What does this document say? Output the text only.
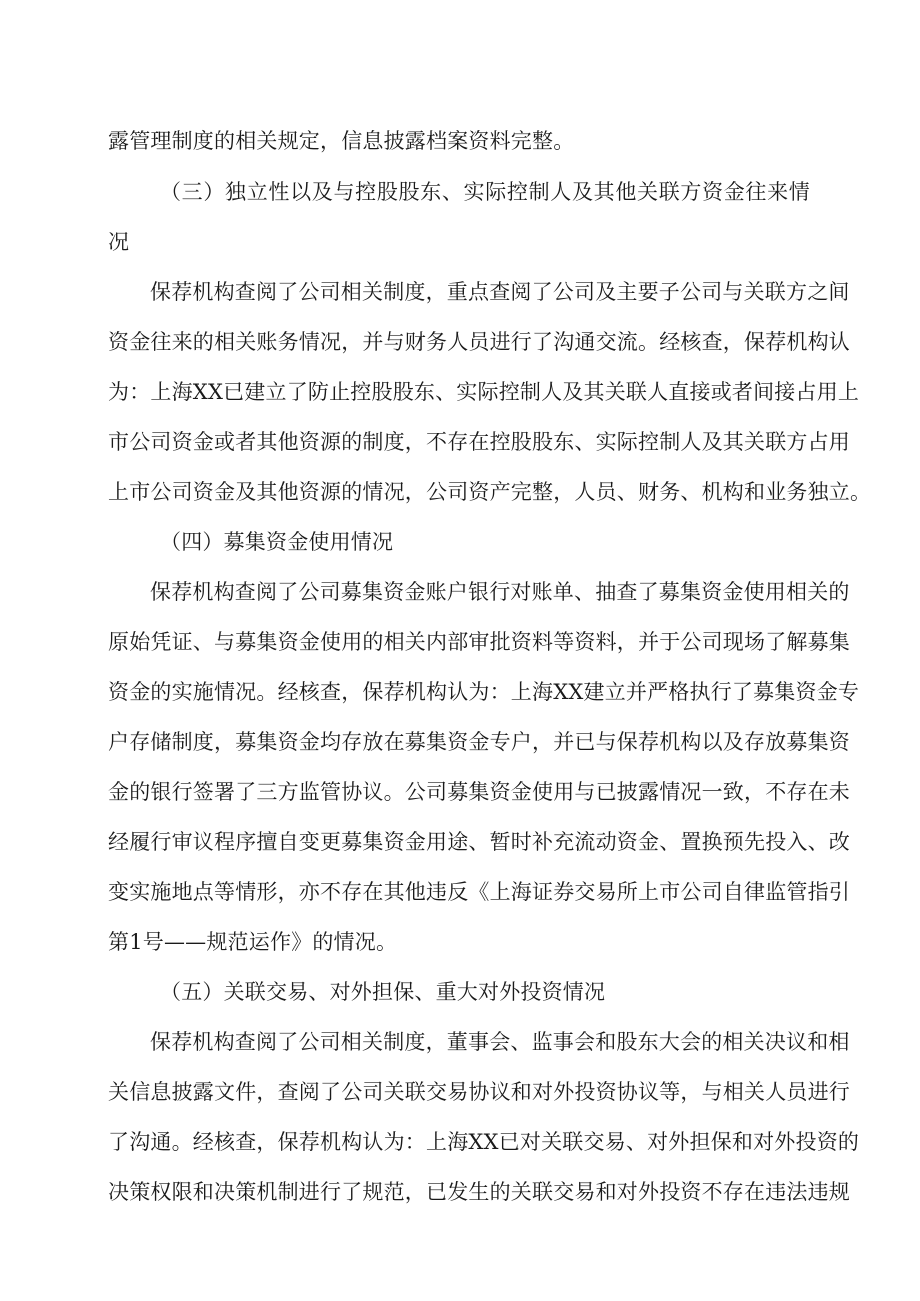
露管理制度的相关规定，信息披露档案资料完整。
（三）独立性以及与控股股东、实际控制人及其他关联方资金往来情
况
保荐机构查阅了公司相关制度，重点查阅了公司及主要子公司与关联方之间
资金往来的相关账务情况，并与财务人员进行了沟通交流。经核查，保荐机构认
为：上海XX已建立了防止控股股东、实际控制人及其关联人直接或者间接占用上
市公司资金或者其他资源的制度，不存在控股股东、实际控制人及其关联方占用
上市公司资金及其他资源的情况，公司资产完整，人员、财务、机构和业务独立。
（四）募集资金使用情况
保荐机构查阅了公司募集资金账户银行对账单、抽查了募集资金使用相关的
原始凭证、与募集资金使用的相关内部审批资料等资料，并于公司现场了解募集
资金的实施情况。经核查，保荐机构认为：上海XX建立并严格执行了募集资金专
户存储制度，募集资金均存放在募集资金专户，并已与保荐机构以及存放募集资
金的银行签署了三方监管协议。公司募集资金使用与已披露情况一致，不存在未
经履行审议程序擅自变更募集资金用途、暂时补充流动资金、置换预先投入、改
变实施地点等情形，亦不存在其他违反《上海证券交易所上市公司自律监管指引
第1号——规范运作》的情况。
（五）关联交易、对外担保、重大对外投资情况
保荐机构查阅了公司相关制度，董事会、监事会和股东大会的相关决议和相
关信息披露文件，查阅了公司关联交易协议和对外投资协议等，与相关人员进行
了沟通。经核查，保荐机构认为：上海XX已对关联交易、对外担保和对外投资的
决策权限和决策机制进行了规范，已发生的关联交易和对外投资不存在违法违规
